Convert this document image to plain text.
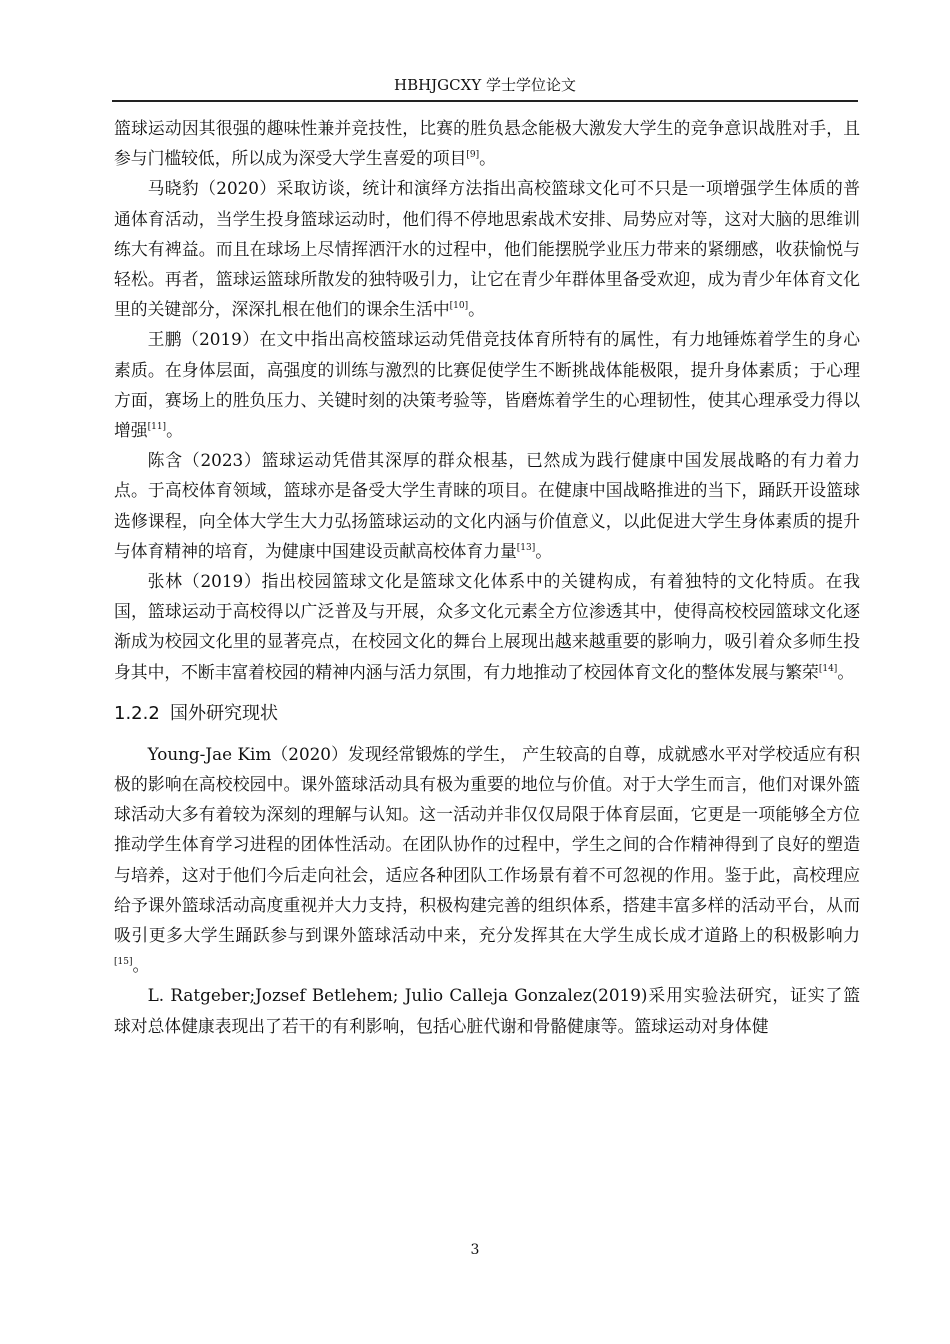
HBHJGCXY 学士学位论文

篮球运动因其很强的趣味性兼并竞技性，比赛的胜负悬念能极大激发大学生的竞争意识战胜对手，且参与门槛较低，所以成为深受大学生喜爱的项目[9]。

马晓豹（2020）采取访谈，统计和演绎方法指出高校篮球文化可不只是一项增强学生体质的普通体育活动，当学生投身篮球运动时，他们得不停地思索战术安排、局势应对等，这对大脑的思维训练大有裨益。而且在球场上尽情挥洒汗水的过程中，他们能摆脱学业压力带来的紧绷感，收获愉悦与轻松。再者，篮球运篮球所散发的独特吸引力，让它在青少年群体里备受欢迎，成为青少年体育文化里的关键部分，深深扎根在他们的课余生活中[10]。

王鹏（2019）在文中指出高校篮球运动凭借竞技体育所特有的属性，有力地锤炼着学生的身心素质。在身体层面，高强度的训练与激烈的比赛促使学生不断挑战体能极限，提升身体素质；于心理方面，赛场上的胜负压力、关键时刻的决策考验等，皆磨炼着学生的心理韧性，使其心理承受力得以增强[11]。

陈含（2023）篮球运动凭借其深厚的群众根基，已然成为践行健康中国发展战略的有力着力点。于高校体育领域，篮球亦是备受大学生青睐的项目。在健康中国战略推进的当下，踊跃开设篮球选修课程，向全体大学生大力弘扬篮球运动的文化内涵与价值意义，以此促进大学生身体素质的提升与体育精神的培育，为健康中国建设贡献高校体育力量[13]。

张林（2019）指出校园篮球文化是篮球文化体系中的关键构成，有着独特的文化特质。在我国，篮球运动于高校得以广泛普及与开展，众多文化元素全方位渗透其中，使得高校校园篮球文化逐渐成为校园文化里的显著亮点，在校园文化的舞台上展现出越来越重要的影响力，吸引着众多师生投身其中，不断丰富着校园的精神内涵与活力氛围，有力地推动了校园体育文化的整体发展与繁荣[14]。

1.2.2 国外研究现状

Young-Jae Kim（2020）发现经常锻炼的学生， 产生较高的自尊，成就感水平对学校适应有积极的影响在高校校园中。课外篮球活动具有极为重要的地位与价值。对于大学生而言，他们对课外篮球活动大多有着较为深刻的理解与认知。这一活动并非仅仅局限于体育层面，它更是一项能够全方位推动学生体育学习进程的团体性活动。在团队协作的过程中，学生之间的合作精神得到了良好的塑造与培养，这对于他们今后走向社会，适应各种团队工作场景有着不可忽视的作用。鉴于此，高校理应给予课外篮球活动高度重视并大力支持，积极构建完善的组织体系，搭建丰富多样的活动平台，从而吸引更多大学生踊跃参与到课外篮球活动中来，充分发挥其在大学生成长成才道路上的积极影响力[15]。

L. Ratgeber;Jozsef Betlehem; Julio Calleja Gonzalez(2019)采用实验法研究，证实了篮球对总体健康表现出了若干的有利影响，包括心脏代谢和骨骼健康等。篮球运动对身体健

3
